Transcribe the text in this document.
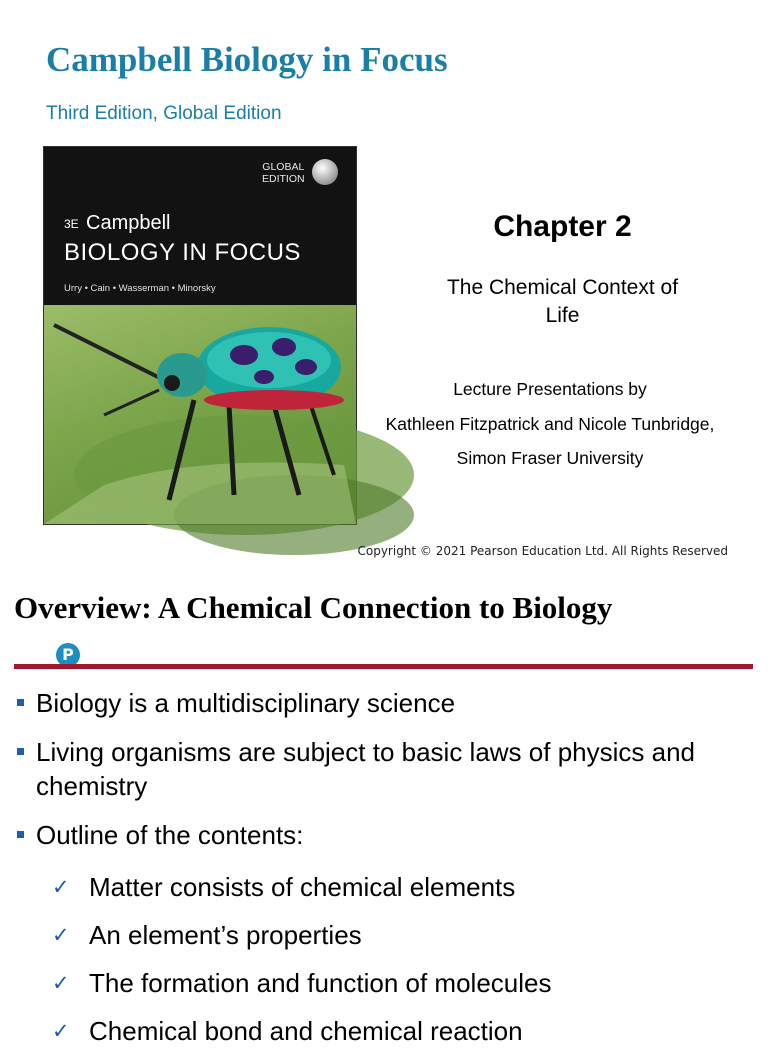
Campbell Biology in Focus
Third Edition, Global Edition
GLOBAL
EDITION
3E Campbell
BIOLOGY IN FOCUS
Urry • Cain • Wasserman • Minorsky
P
Chapter 2
The Chemical Context of
Life
Lecture Presentations by
Kathleen Fitzpatrick and Nicole Tunbridge,
Simon Fraser University
Copyright © 2021 Pearson Education Ltd. All Rights Reserved
Overview: A Chemical Connection to Biology
Biology is a multidisciplinary science
Living organisms are subject to basic laws of physics and chemistry
Outline of the contents:
✓ Matter consists of chemical elements
✓ An element’s properties
✓ The formation and function of molecules
✓ Chemical bond and chemical reaction
